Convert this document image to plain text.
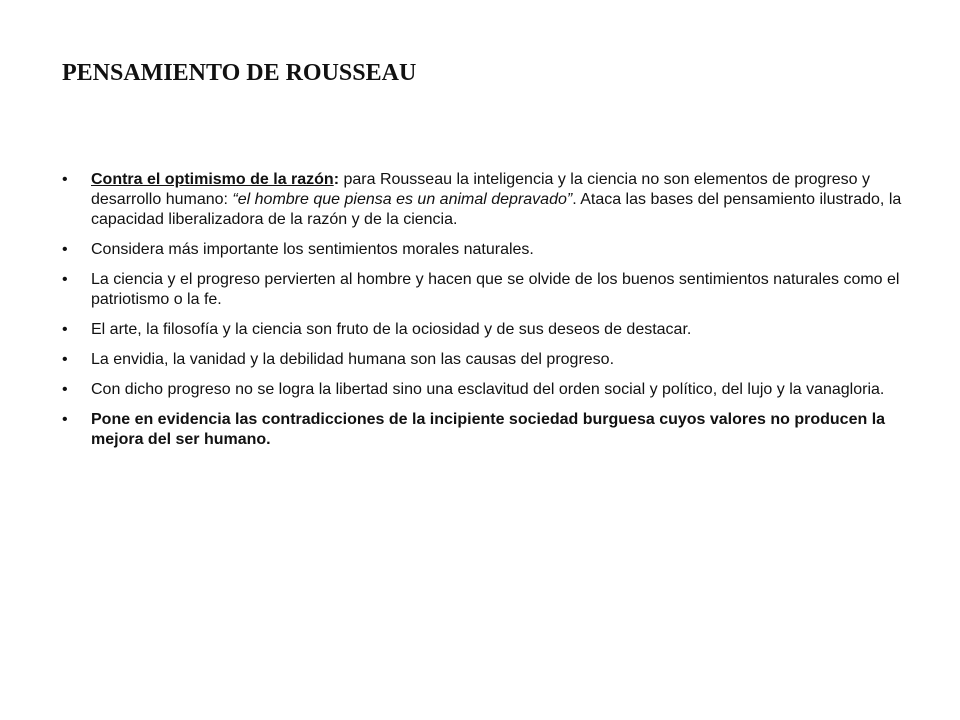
PENSAMIENTO DE ROUSSEAU
•	Contra el optimismo de la razón: para Rousseau la inteligencia y la ciencia no son elementos de progreso y desarrollo humano: “el hombre que piensa es un animal depravado”. Ataca las bases del pensamiento ilustrado, la capacidad liberalizadora de la razón y de la ciencia.
•	Considera más importante los sentimientos morales naturales.
•	La ciencia y el progreso pervierten al hombre y hacen que se olvide de los buenos sentimientos naturales como el patriotismo o la fe.
•	El arte, la filosofía y la ciencia son fruto de la ociosidad y de sus deseos de destacar.
•	La envidia, la vanidad y la debilidad humana son las causas del progreso.
•	Con dicho progreso no se logra la libertad sino una esclavitud del orden social y político, del lujo y la vanagloria.
•	Pone en evidencia las contradicciones de la incipiente sociedad burguesa cuyos valores no producen la mejora del ser humano.
